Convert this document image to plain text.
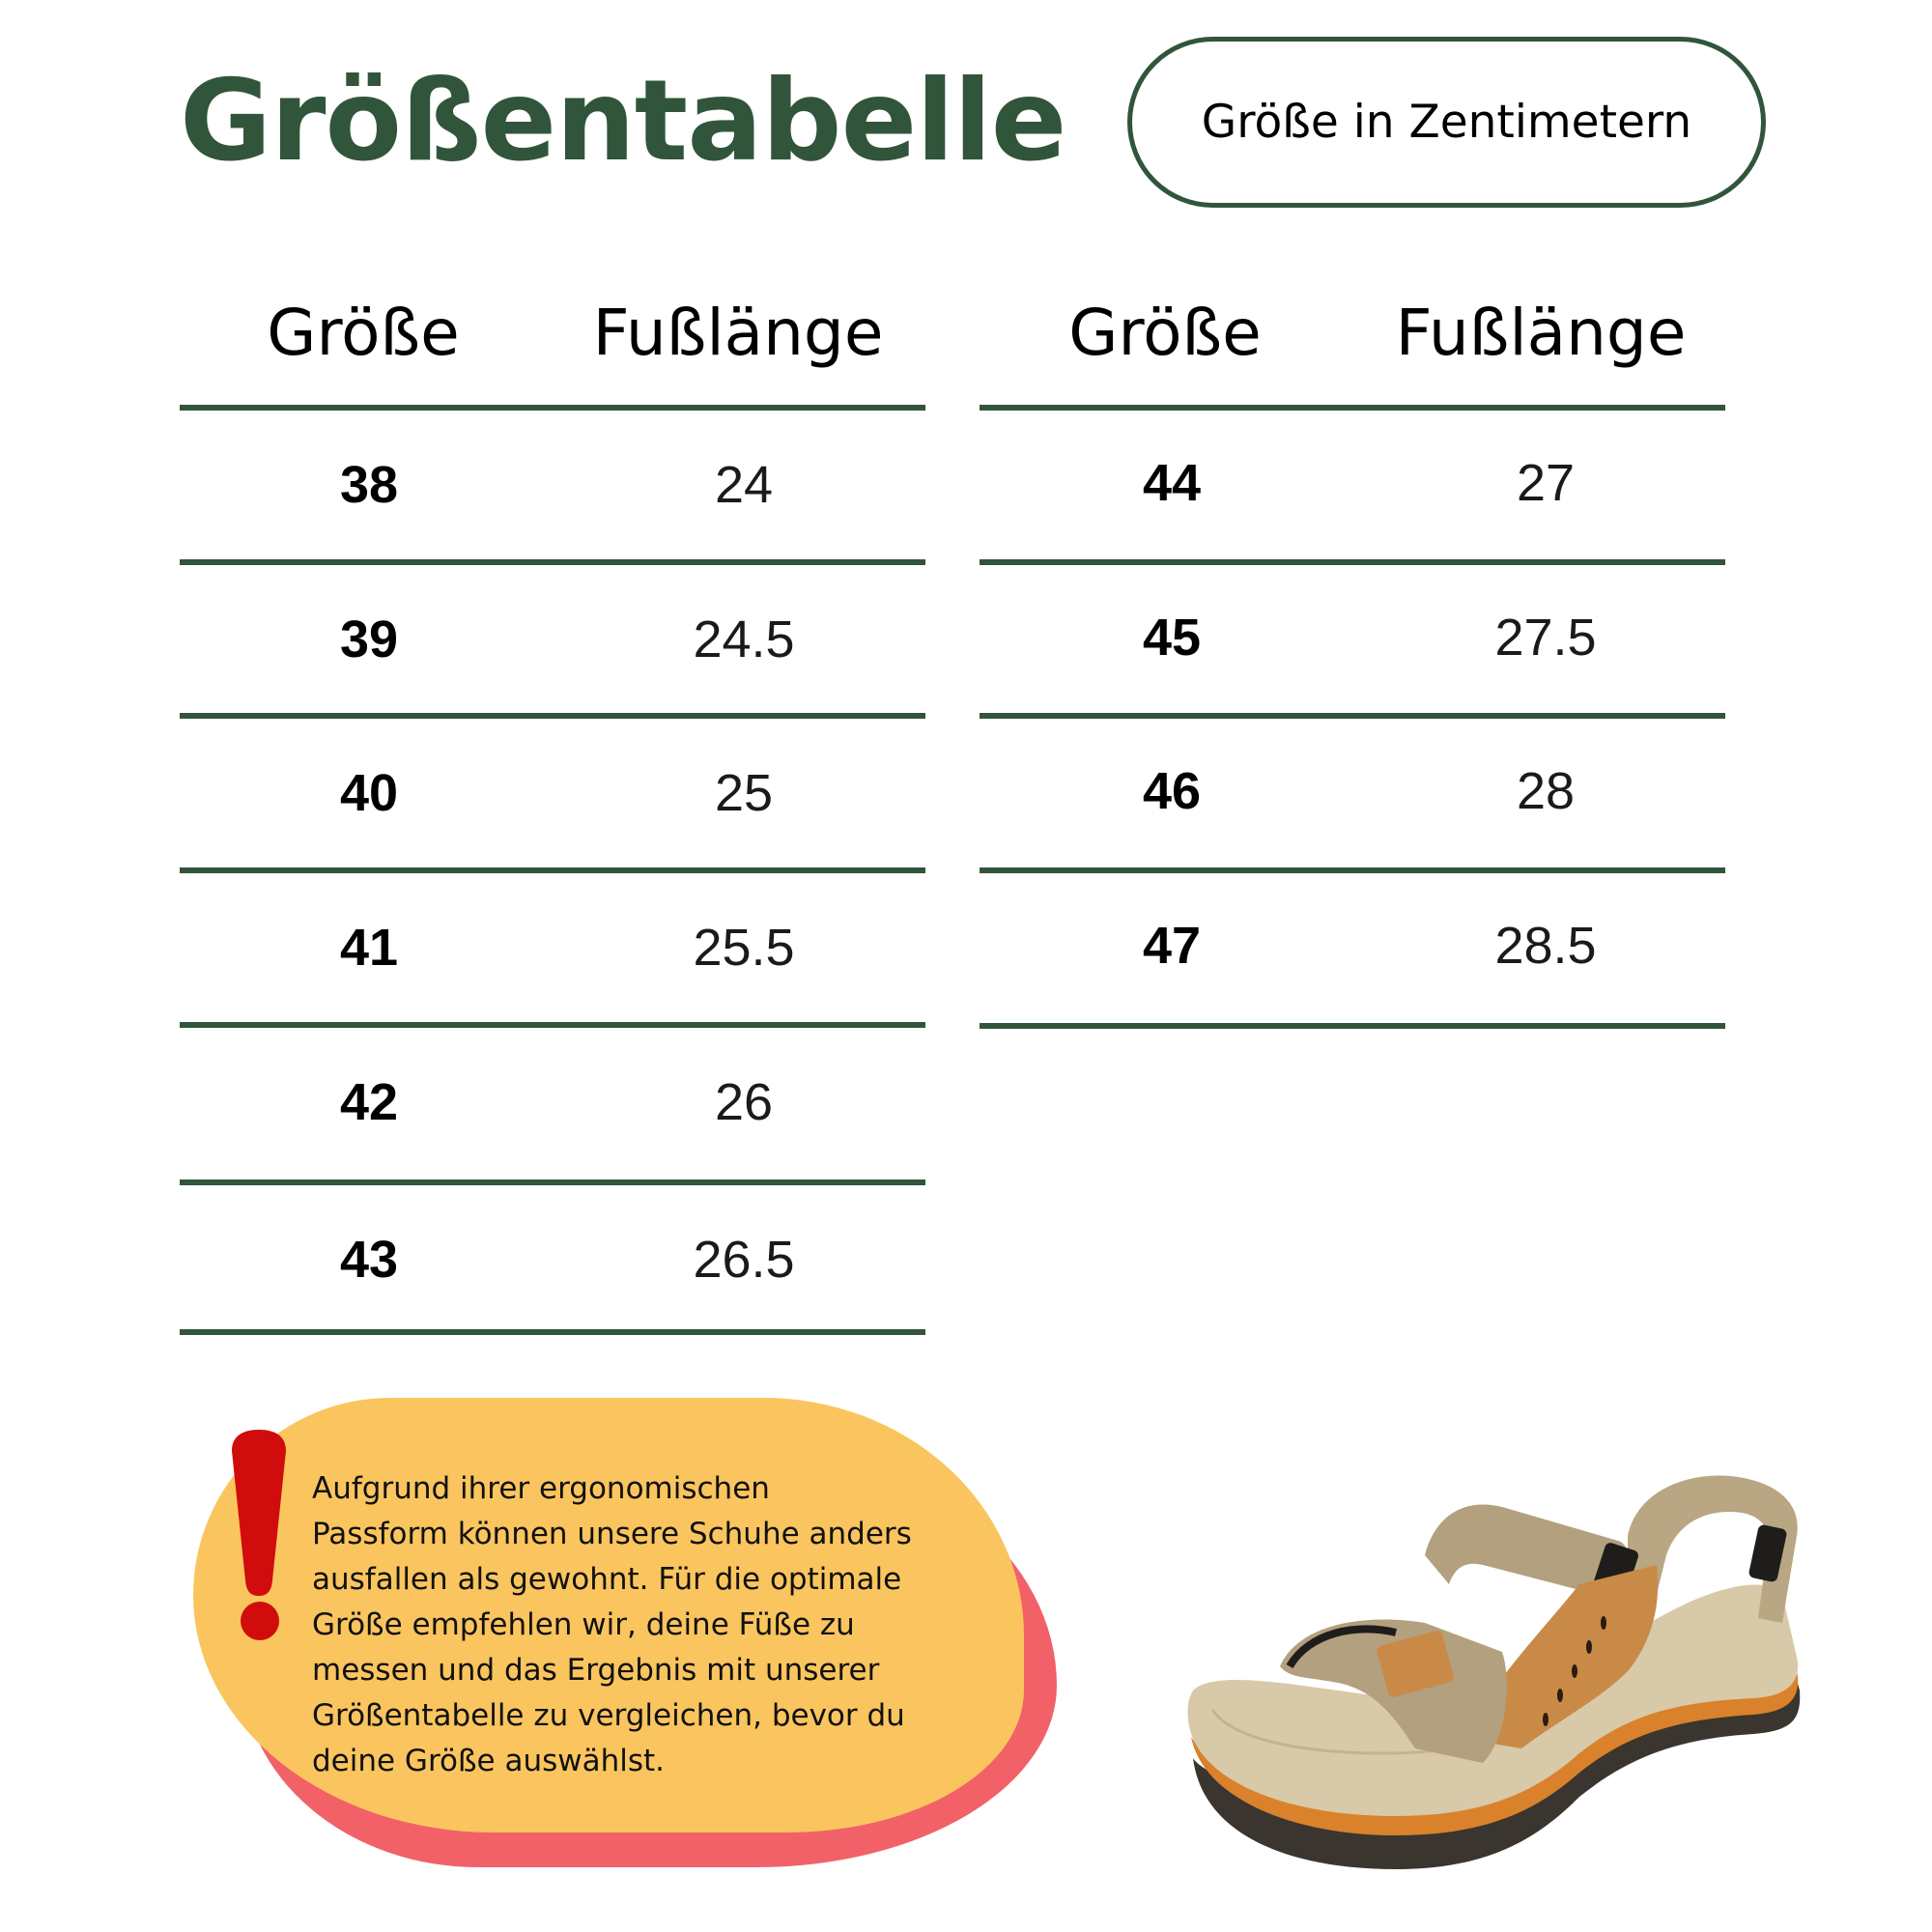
Größentabelle	Größe in Zentimetern
Größe Fußlänge
38	24
39	24.5
40	25
41	25.5
42	26
43	26.5
Größe Fußlänge
44	27
45	27.5
46	28
47	28.5
Aufgrund ihrer ergonomischen
Passform können unsere Schuhe anders
ausfallen als gewohnt. Für die optimale
Größe empfehlen wir, deine Füße zu
messen und das Ergebnis mit unserer
Größentabelle zu vergleichen, bevor du
deine Größe auswählst.
